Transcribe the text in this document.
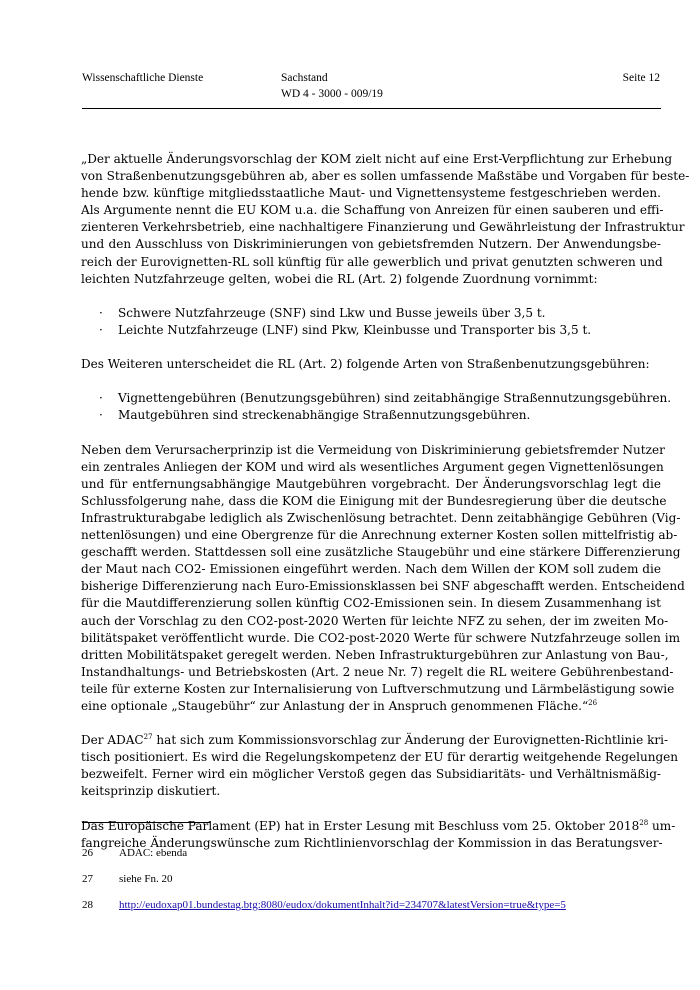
Wissenschaftliche Dienste	Sachstand
WD 4 - 3000 - 009/19
Seite 12

„Der aktuelle Änderungsvorschlag der KOM zielt nicht auf eine Erst-Verpflichtung zur Erhebung
von Straßenbenutzungsgebühren ab, aber es sollen umfassende Maßstäbe und Vorgaben für beste-
hende bzw. künftige mitgliedsstaatliche Maut- und Vignettensysteme festgeschrieben werden.
Als Argumente nennt die EU KOM u.a. die Schaffung von Anreizen für einen sauberen und effi-
zienteren Verkehrsbetrieb, eine nachhaltigere Finanzierung und Gewährleistung der Infrastruktur
und den Ausschluss von Diskriminierungen von gebietsfremden Nutzern. Der Anwendungsbe-
reich der Eurovignetten-RL soll künftig für alle gewerblich und privat genutzten schweren und
leichten Nutzfahrzeuge gelten, wobei die RL (Art. 2) folgende Zuordnung vornimmt:

· Schwere Nutzfahrzeuge (SNF) sind Lkw und Busse jeweils über 3,5 t.
· Leichte Nutzfahrzeuge (LNF) sind Pkw, Kleinbusse und Transporter bis 3,5 t.

Des Weiteren unterscheidet die RL (Art. 2) folgende Arten von Straßenbenutzungsgebühren:

· Vignettengebühren (Benutzungsgebühren) sind zeitabhängige Straßennutzungsgebühren.
· Mautgebühren sind streckenabhängige Straßennutzungsgebühren.

Neben dem Verursacherprinzip ist die Vermeidung von Diskriminierung gebietsfremder Nutzer
ein zentrales Anliegen der KOM und wird als wesentliches Argument gegen Vignettenlösungen
und für entfernungsabhängige Mautgebühren vorgebracht. Der Änderungsvorschlag legt die
Schlussfolgerung nahe, dass die KOM die Einigung mit der Bundesregierung über die deutsche
Infrastrukturabgabe lediglich als Zwischenlösung betrachtet. Denn zeitabhängige Gebühren (Vig-
nettenlösungen) und eine Obergrenze für die Anrechnung externer Kosten sollen mittelfristig ab-
geschafft werden. Stattdessen soll eine zusätzliche Staugebühr und eine stärkere Differenzierung
der Maut nach CO2- Emissionen eingeführt werden. Nach dem Willen der KOM soll zudem die
bisherige Differenzierung nach Euro-Emissionsklassen bei SNF abgeschafft werden. Entscheidend
für die Mautdifferenzierung sollen künftig CO2-Emissionen sein. In diesem Zusammenhang ist
auch der Vorschlag zu den CO2-post-2020 Werten für leichte NFZ zu sehen, der im zweiten Mo-
bilitätspaket veröffentlicht wurde. Die CO2-post-2020 Werte für schwere Nutzfahrzeuge sollen im
dritten Mobilitätspaket geregelt werden. Neben Infrastrukturgebühren zur Anlastung von Bau-,
Instandhaltungs- und Betriebskosten (Art. 2 neue Nr. 7) regelt die RL weitere Gebührenbestand-
teile für externe Kosten zur Internalisierung von Luftverschmutzung und Lärmbelästigung sowie
eine optionale „Staugebühr“ zur Anlastung der in Anspruch genommenen Fläche.“$^{26}$

Der ADAC$^{27}$ hat sich zum Kommissionsvorschlag zur Änderung der Eurovignetten-Richtlinie kri-
tisch positioniert. Es wird die Regelungskompetenz der EU für derartig weitgehende Regelungen
bezweifelt. Ferner wird ein möglicher Verstoß gegen das Subsidiaritäts- und Verhältnismäßig-
keitsprinzip diskutiert.

Das Europäische Parlament (EP) hat in Erster Lesung mit Beschluss vom 25. Oktober 2018$^{28}$ um-
fangreiche Änderungswünsche zum Richtlinienvorschlag der Kommission in das Beratungsver-

26 ADAC: ebenda
27 siehe Fn. 20
28 http://eudoxap01.bundestag.btg:8080/eudox/dokumentInhalt?id=234707&latestVersion=true&type=5
